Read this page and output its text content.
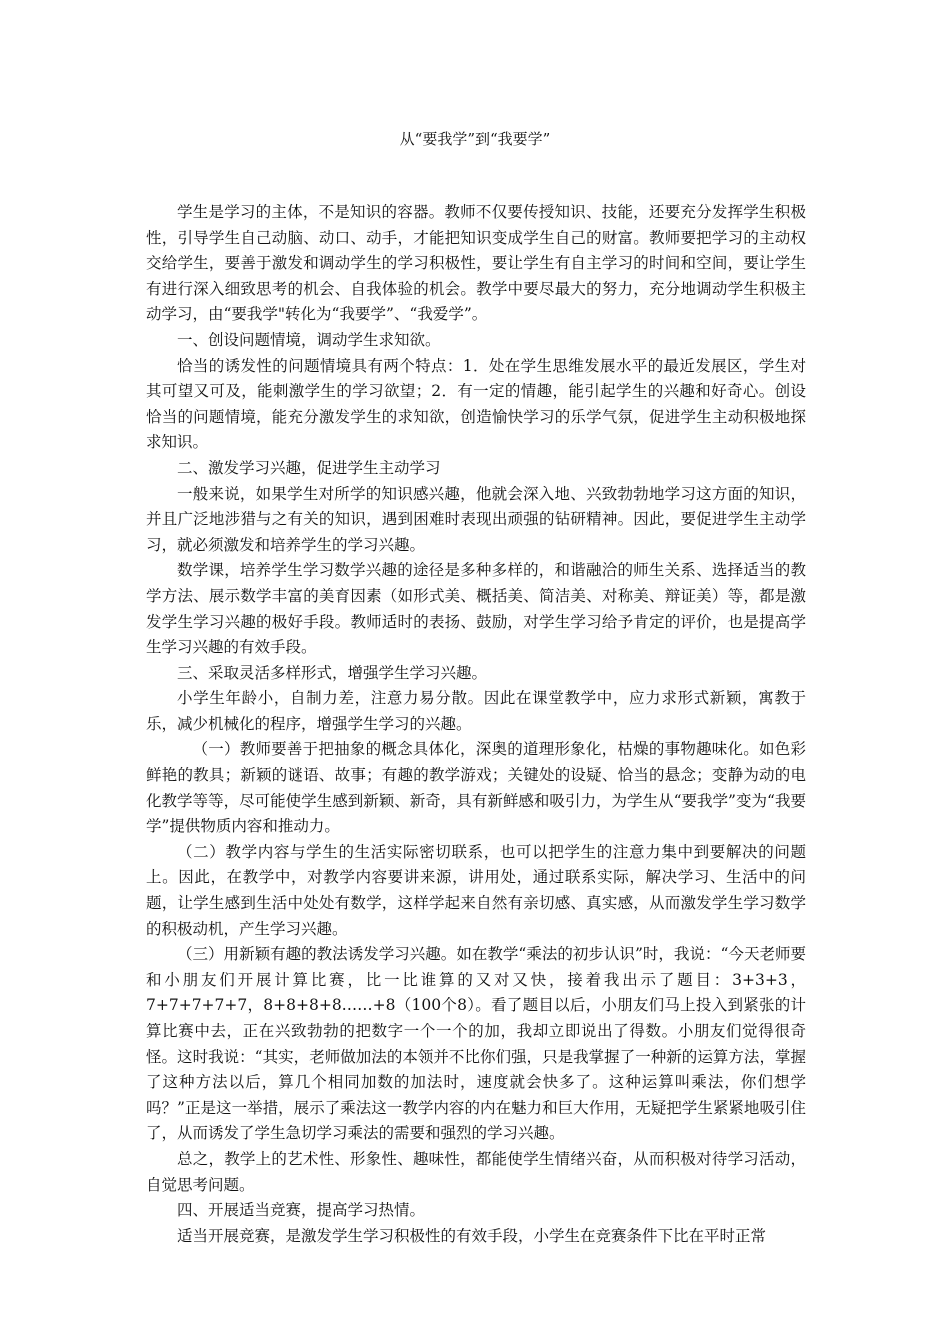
从“要我学”到“我要学”

学生是学习的主体，不是知识的容器。教师不仅要传授知识、技能，还要充分发挥学生积极性，引导学生自己动脑、动口、动手，才能把知识变成学生自己的财富。教师要把学习的主动权交给学生，要善于激发和调动学生的学习积极性，要让学生有自主学习的时间和空间，要让学生有进行深入细致思考的机会、自我体验的机会。教学中要尽最大的努力，充分地调动学生积极主动学习，由“要我学"转化为“我要学”、“我爱学”。

一、创设问题情境，调动学生求知欲。

恰当的诱发性的问题情境具有两个特点：1．处在学生思维发展水平的最近发展区，学生对其可望又可及，能刺激学生的学习欲望；2．有一定的情趣，能引起学生的兴趣和好奇心。创设恰当的问题情境，能充分激发学生的求知欲，创造愉快学习的乐学气氛，促进学生主动积极地探求知识。

二、激发学习兴趣，促进学生主动学习

一般来说，如果学生对所学的知识感兴趣，他就会深入地、兴致勃勃地学习这方面的知识，并且广泛地涉猎与之有关的知识，遇到困难时表现出顽强的钻研精神。因此，要促进学生主动学习，就必须激发和培养学生的学习兴趣。

数学课，培养学生学习数学兴趣的途径是多种多样的，和谐融洽的师生关系、选择适当的教学方法、展示数学丰富的美育因素（如形式美、概括美、简洁美、对称美、辩证美）等，都是激发学生学习兴趣的极好手段。教师适时的表扬、鼓励，对学生学习给予肯定的评价，也是提高学生学习兴趣的有效手段。

三、采取灵活多样形式，增强学生学习兴趣。

小学生年龄小，自制力差，注意力易分散。因此在课堂教学中，应力求形式新颖，寓教于乐，减少机械化的程序，增强学生学习的兴趣。

（一）教师要善于把抽象的概念具体化，深奥的道理形象化，枯燥的事物趣味化。如色彩鲜艳的教具；新颖的谜语、故事；有趣的教学游戏；关键处的设疑、恰当的悬念；变静为动的电化教学等等，尽可能使学生感到新颖、新奇，具有新鲜感和吸引力，为学生从“要我学”变为“我要学”提供物质内容和推动力。

（二）教学内容与学生的生活实际密切联系，也可以把学生的注意力集中到要解决的问题上。因此，在教学中，对教学内容要讲来源，讲用处，通过联系实际，解决学习、生活中的问题，让学生感到生活中处处有数学，这样学起来自然有亲切感、真实感，从而激发学生学习数学的积极动机，产生学习兴趣。

（三）用新颖有趣的教法诱发学习兴趣。如在教学“乘法的初步认识”时，我说：“今天老师要和小朋友们开展计算比赛，比一比谁算的又对又快，接着我出示了题目：3+3+3，7+7+7+7+7，8+8+8+8……+8（100个8）。看了题目以后，小朋友们马上投入到紧张的计算比赛中去，正在兴致勃勃的把数字一个一个的加，我却立即说出了得数。小朋友们觉得很奇怪。这时我说：“其实，老师做加法的本领并不比你们强，只是我掌握了一种新的运算方法，掌握了这种方法以后，算几个相同加数的加法时，速度就会快多了。这种运算叫乘法，你们想学吗？”正是这一举措，展示了乘法这一教学内容的内在魅力和巨大作用，无疑把学生紧紧地吸引住了，从而诱发了学生急切学习乘法的需要和强烈的学习兴趣。

总之，教学上的艺术性、形象性、趣味性，都能使学生情绪兴奋，从而积极对待学习活动，自觉思考问题。

四、开展适当竞赛，提高学习热情。

适当开展竞赛，是激发学生学习积极性的有效手段，小学生在竞赛条件下比在平时正常
